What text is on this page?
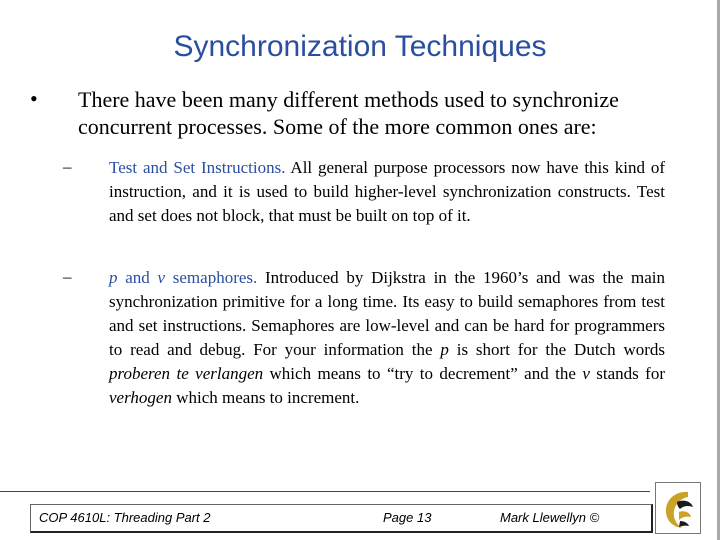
Synchronization Techniques
• There have been many different methods used to synchronize concurrent processes. Some of the more common ones are:

– Test and Set Instructions. All general purpose processors now have this kind of instruction, and it is used to build higher-level synchronization constructs. Test and set does not block, that must be built on top of it.

– p and v semaphores. Introduced by Dijkstra in the 1960’s and was the main synchronization primitive for a long time. Its easy to build semaphores from test and set instructions. Semaphores are low-level and can be hard for programmers to read and debug. For your information the p is short for the Dutch words proberen te verlangen which means to “try to decrement” and the v stands for verhogen which means to increment.

COP 4610L: Threading Part 2	Page 13	Mark Llewellyn ©
